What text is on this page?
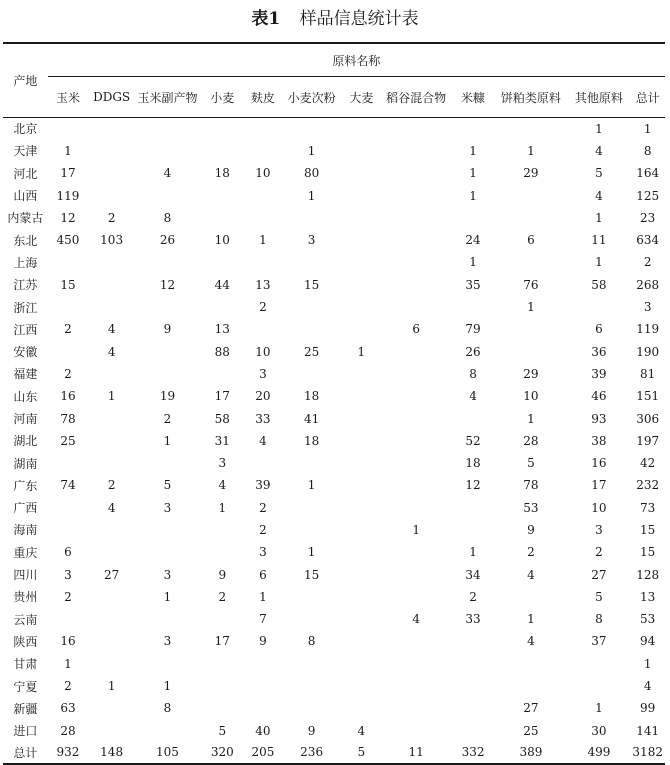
表1 样品信息统计表
产地	原料名称											
	玉米	DDGS	玉米副产物	小麦	麸皮	小麦次粉	大麦	稻谷混合物	米糠	饼粕类原料	其他原料	总计
北京											1	1
天津	1					1			1	1	4	8
河北	17		4	18	10	80			1	29	5	164
山西	119					1			1		4	125
内蒙古	12	2	8								1	23
东北	450	103	26	10	1	3			24	6	11	634
上海									1		1	2
江苏	15		12	44	13	15			35	76	58	268
浙江					2					1		3
江西	2	4	9	13				6	79		6	119
安徽		4		88	10	25	1		26		36	190
福建	2				3				8	29	39	81
山东	16	1	19	17	20	18			4	10	46	151
河南	78		2	58	33	41				1	93	306
湖北	25		1	31	4	18			52	28	38	197
湖南				3					18	5	16	42
广东	74	2	5	4	39	1			12	78	17	232
广西		4	3	1	2					53	10	73
海南					2			1		9	3	15
重庆	6				3	1			1	2	2	15
四川	3	27	3	9	6	15			34	4	27	128
贵州	2		1	2	1				2		5	13
云南					7			4	33	1	8	53
陕西	16		3	17	9	8				4	37	94
甘肃	1											1
宁夏	2	1	1									4
新疆	63		8							27	1	99
进口	28			5	40	9	4			25	30	141
总计	932	148	105	320	205	236	5	11	332	389	499	3182
